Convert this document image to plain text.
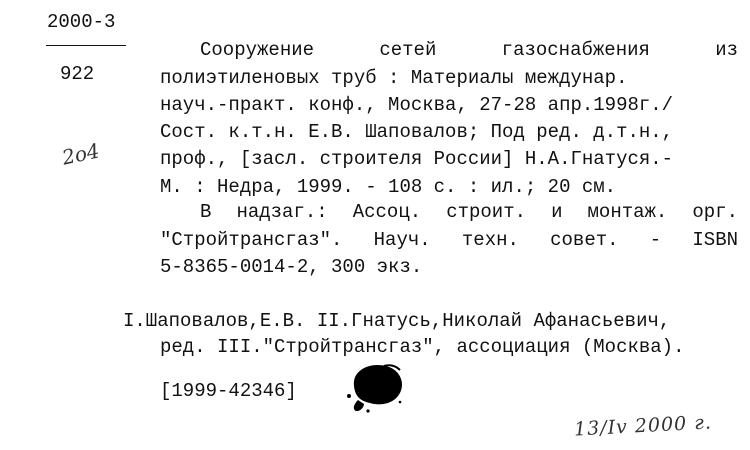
2000-3
922
2о4
Сооружение	сетей	газоснабжения	из
полиэтиленовых труб : Материалы междунар.
науч.-практ. конф., Москва, 27-28 апр.1998г./
Сост. к.т.н. Е.В. Шаповалов; Под ред. д.т.н.,
проф., [засл. строителя России] Н.А.Гнатуся.-
М. : Недра, 1999. - 108 с. : ил.; 20 см.
В надзаг.: Ассоц. строит. и монтаж. орг.
"Стройтрансгаз". Науч. техн. совет. - ISBN
5-8365-0014-2, 300 экз.
I.Шаповалов,Е.В. II.Гнатусь,Николай Афанасьевич,
ред. III."Стройтрансгаз", ассоциация (Москва).
[1999-42346]
13/Iv 2000 г.
